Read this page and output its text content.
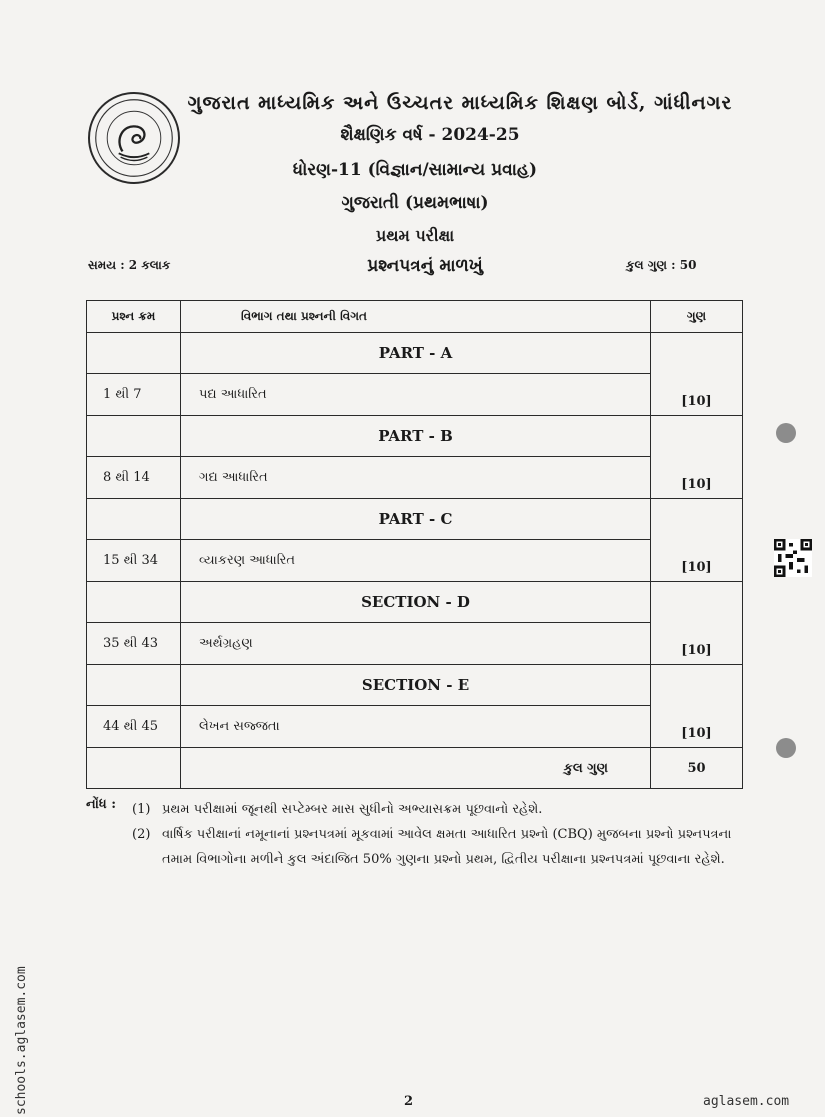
ગુજરાત માધ્યમિક અને ઉચ્ચતર માધ્યમિક શિક્ષણ બોર્ડ, ગાંધીનગર
શૈક્ષણિક વર્ષ - 2024-25
ધોરણ-11 (વિજ્ઞાન/સામાન્ય પ્રવાહ)
ગુજરાતી (પ્રથમભાષા)
પ્રથમ પરીક્ષા
પ્રશ્નપત્રનું માળખું
સમય : 2 કલાક	કુલ ગુણ : 50
પ્રશ્ન ક્રમ	વિભાગ તથા પ્રશ્નની વિગત	ગુણ
	PART - A	[10]
1 થી 7	પદ્ય આધારિત	
	PART - B	[10]
8 થી 14	ગદ્ય આધારિત	
	PART - C	[10]
15 થી 34	વ્યાકરણ આધારિત	
	SECTION - D	[10]
35 થી 43	અર્થગ્રહણ	
	SECTION - E	[10]
44 થી 45	લેખન સજ્જતા	
	કુલ ગુણ	50
નોંધ : (1) પ્રથમ પરીક્ષામાં જૂનથી સપ્ટેમ્બર માસ સુધીનો અભ્યાસક્રમ પૂછવાનો રહેશે.
(2) વાર્ષિક પરીક્ષાનાં નમૂનાનાં પ્રશ્નપત્રમાં મૂકવામાં આવેલ ક્ષમતા આધારિત પ્રશ્નો (CBQ) મુજબના પ્રશ્નો પ્રશ્નપત્રના તમામ વિભાગોના મળીને કુલ અંદાજિત 50% ગુણના પ્રશ્નો પ્રથમ, દ્વિતીય પરીક્ષાના પ્રશ્નપત્રમાં પૂછવાના રહેશે.
schools.aglasem.com	2	aglasem.com
